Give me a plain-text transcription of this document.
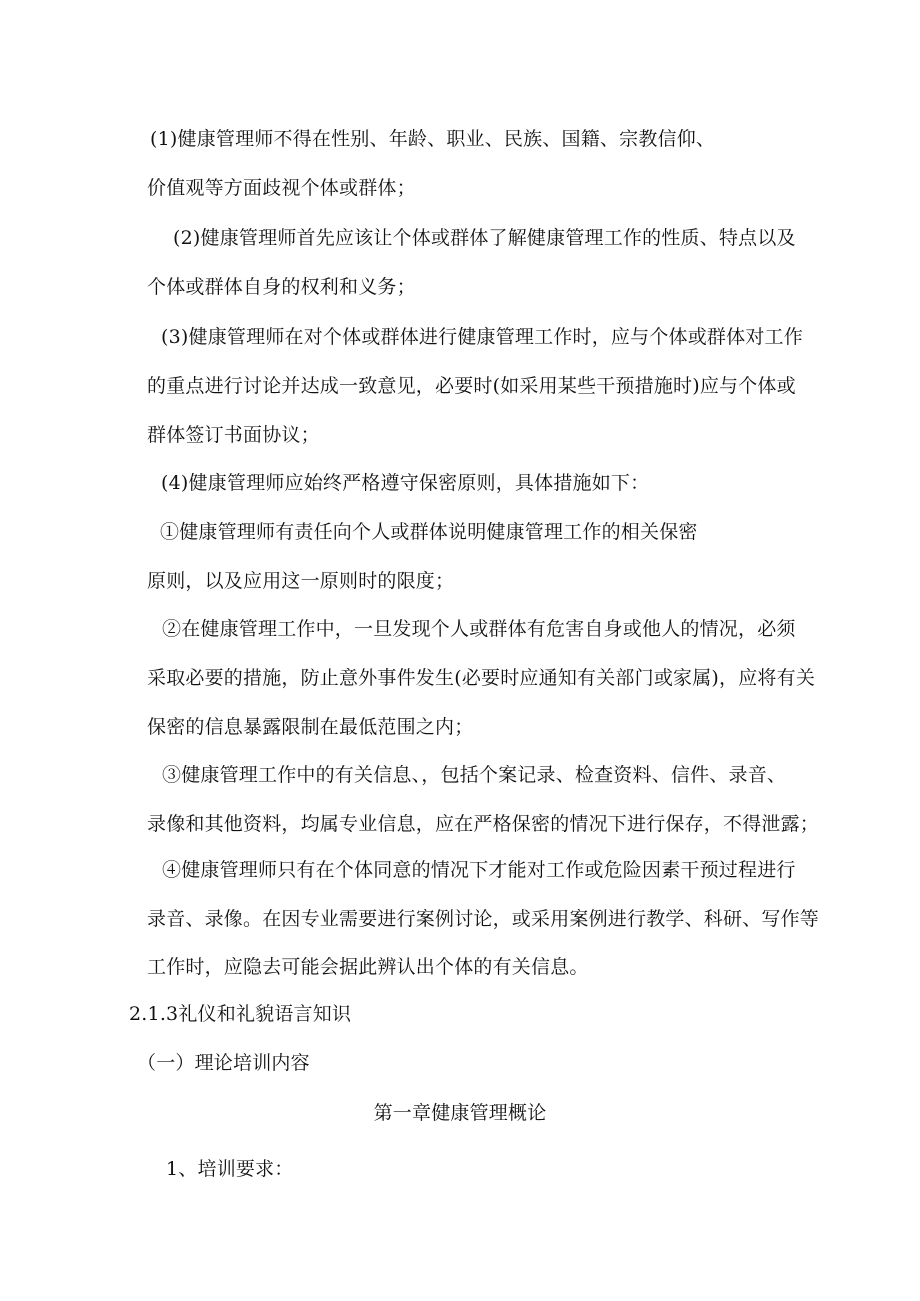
(1)健康管理师不得在性别、年龄、职业、民族、国籍、宗教信仰、
价值观等方面歧视个体或群体；
(2)健康管理师首先应该让个体或群体了解健康管理工作的性质、特点以及
个体或群体自身的权利和义务；
(3)健康管理师在对个体或群体进行健康管理工作时，应与个体或群体对工作
的重点进行讨论并达成一致意见，必要时(如采用某些干预措施时)应与个体或
群体签订书面协议；
(4)健康管理师应始终严格遵守保密原则，具体措施如下：
①健康管理师有责任向个人或群体说明健康管理工作的相关保密
原则，以及应用这一原则时的限度；
②在健康管理工作中，一旦发现个人或群体有危害自身或他人的情况，必须
采取必要的措施，防止意外事件发生(必要时应通知有关部门或家属)，应将有关
保密的信息暴露限制在最低范围之内；
③健康管理工作中的有关信息、，包括个案记录、检查资料、信件、录音、
录像和其他资料，均属专业信息，应在严格保密的情况下进行保存，不得泄露；
④健康管理师只有在个体同意的情况下才能对工作或危险因素干预过程进行
录音、录像。在因专业需要进行案例讨论，或采用案例进行教学、科研、写作等
工作时，应隐去可能会据此辨认出个体的有关信息。
2.1.3礼仪和礼貌语言知识
（一）理论培训内容
第一章健康管理概论
1、培训要求：
